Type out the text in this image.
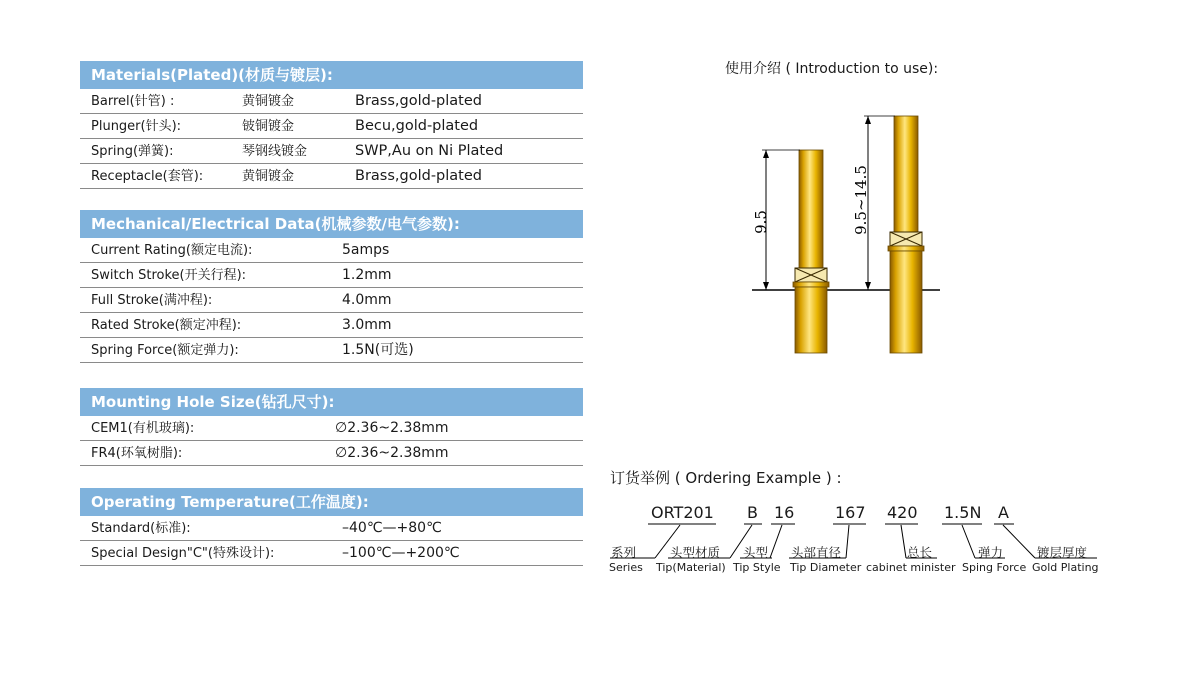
Materials(Plated)(材质与镀层):
Barrel(针管) :	黄铜镀金	Brass,gold-plated
Plunger(针头):	铍铜镀金	Becu,gold-plated
Spring(弹簧):	琴钢线镀金	SWP,Au on Ni Plated
Receptacle(套管):	黄铜镀金	Brass,gold-plated
Mechanical/Electrical Data(机械参数/电气参数):
Current Rating(额定电流):	5amps
Switch Stroke(开关行程):	1.2mm
Full Stroke(满冲程):	4.0mm
Rated Stroke(额定冲程):	3.0mm
Spring Force(额定弹力):	1.5N(可选)
Mounting Hole Size(钻孔尺寸):
CEM1(有机玻璃):	∅2.36~2.38mm
FR4(环氧树脂):	∅2.36~2.38mm
Operating Temperature(工作温度):
Standard(标准):	–40℃—+80℃
Special Design"C"(特殊设计):	–100℃—+200℃
使用介绍 ( Introduction to use):
9.5	9.5~14.5
订货举例 ( Ordering Example ) :
ORT201 B 16	167 420 1.5N A
系列	头型材质 头型 头部直径	总长	弹力	镀层厚度
Series Tip(Material) Tip Style Tip Diameter cabinet minister Sping Force Gold Plating
